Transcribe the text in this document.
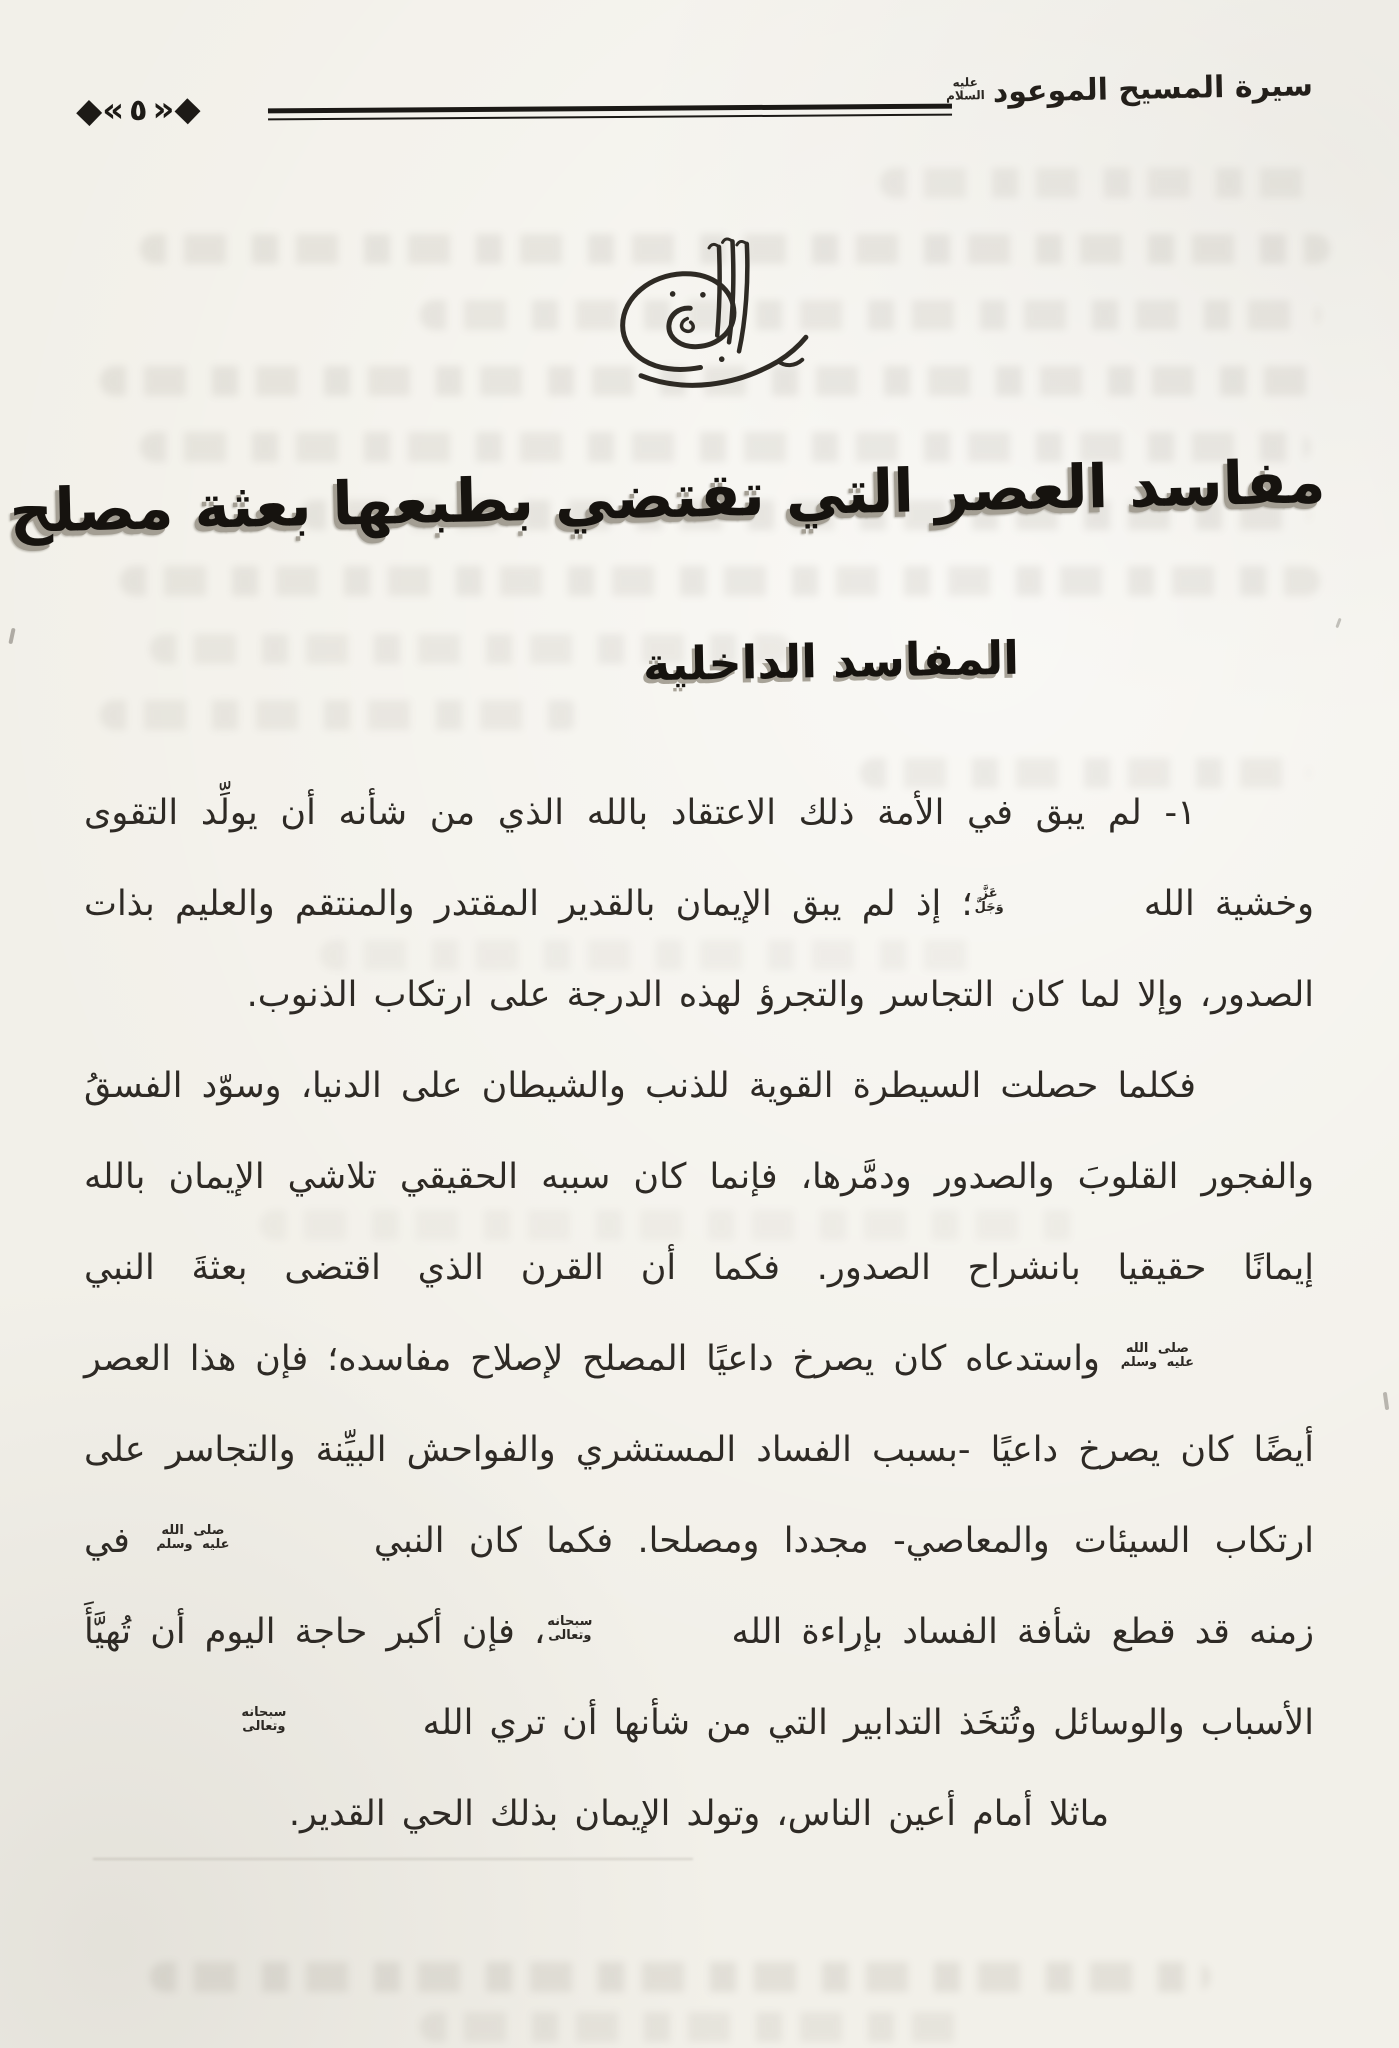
سيرة المسيح الموعود
عليه
السلام
◆« ٥ »◆
مفاسد العصر التي تقتضي بطبعها بعثة مصلح
المفاسد الداخلية

١- لم يبق في الأمة ذلك الاعتقاد بالله الذي من شأنه أن يولِّد التقوى وخشية الله
عَزَّ
وَجَلَّ
؛ إذ لم يبق الإيمان بالقدير المقتدر والمنتقم والعليم بذات الصدور، وإلا لما كان التجاسر والتجرؤ لهذه الدرجة على ارتكاب الذنوب.

فكلما حصلت السيطرة القوية للذنب والشيطان على الدنيا، وسوّد الفسقُ والفجور القلوبَ والصدور ودمَّرها، فإنما كان سببه الحقيقي تلاشي الإيمان بالله إيمانًا حقيقيا بانشراح الصدور. فكما أن القرن الذي اقتضى بعثةَ النبي
صلى الله
عليه وسلم
واستدعاه كان يصرخ داعيًا المصلح لإصلاح مفاسده؛ فإن هذا العصر أيضًا كان يصرخ داعيًا -بسبب الفساد المستشري والفواحش البيِّنة والتجاسر على ارتكاب السيئات والمعاصي- مجددا ومصلحا. فكما كان النبي
صلى الله
عليه وسلم
في زمنه قد قطع شأفة الفساد بإراءة الله
سبحانه
وتعالى
، فإن أكبر حاجة اليوم أن تُهيَّأَ الأسباب والوسائل وتُتخَذ التدابير التي من شأنها أن تري الله
سبحانه
وتعالى

ماثلا أمام أعين الناس، وتولد الإيمان بذلك الحي القدير.
